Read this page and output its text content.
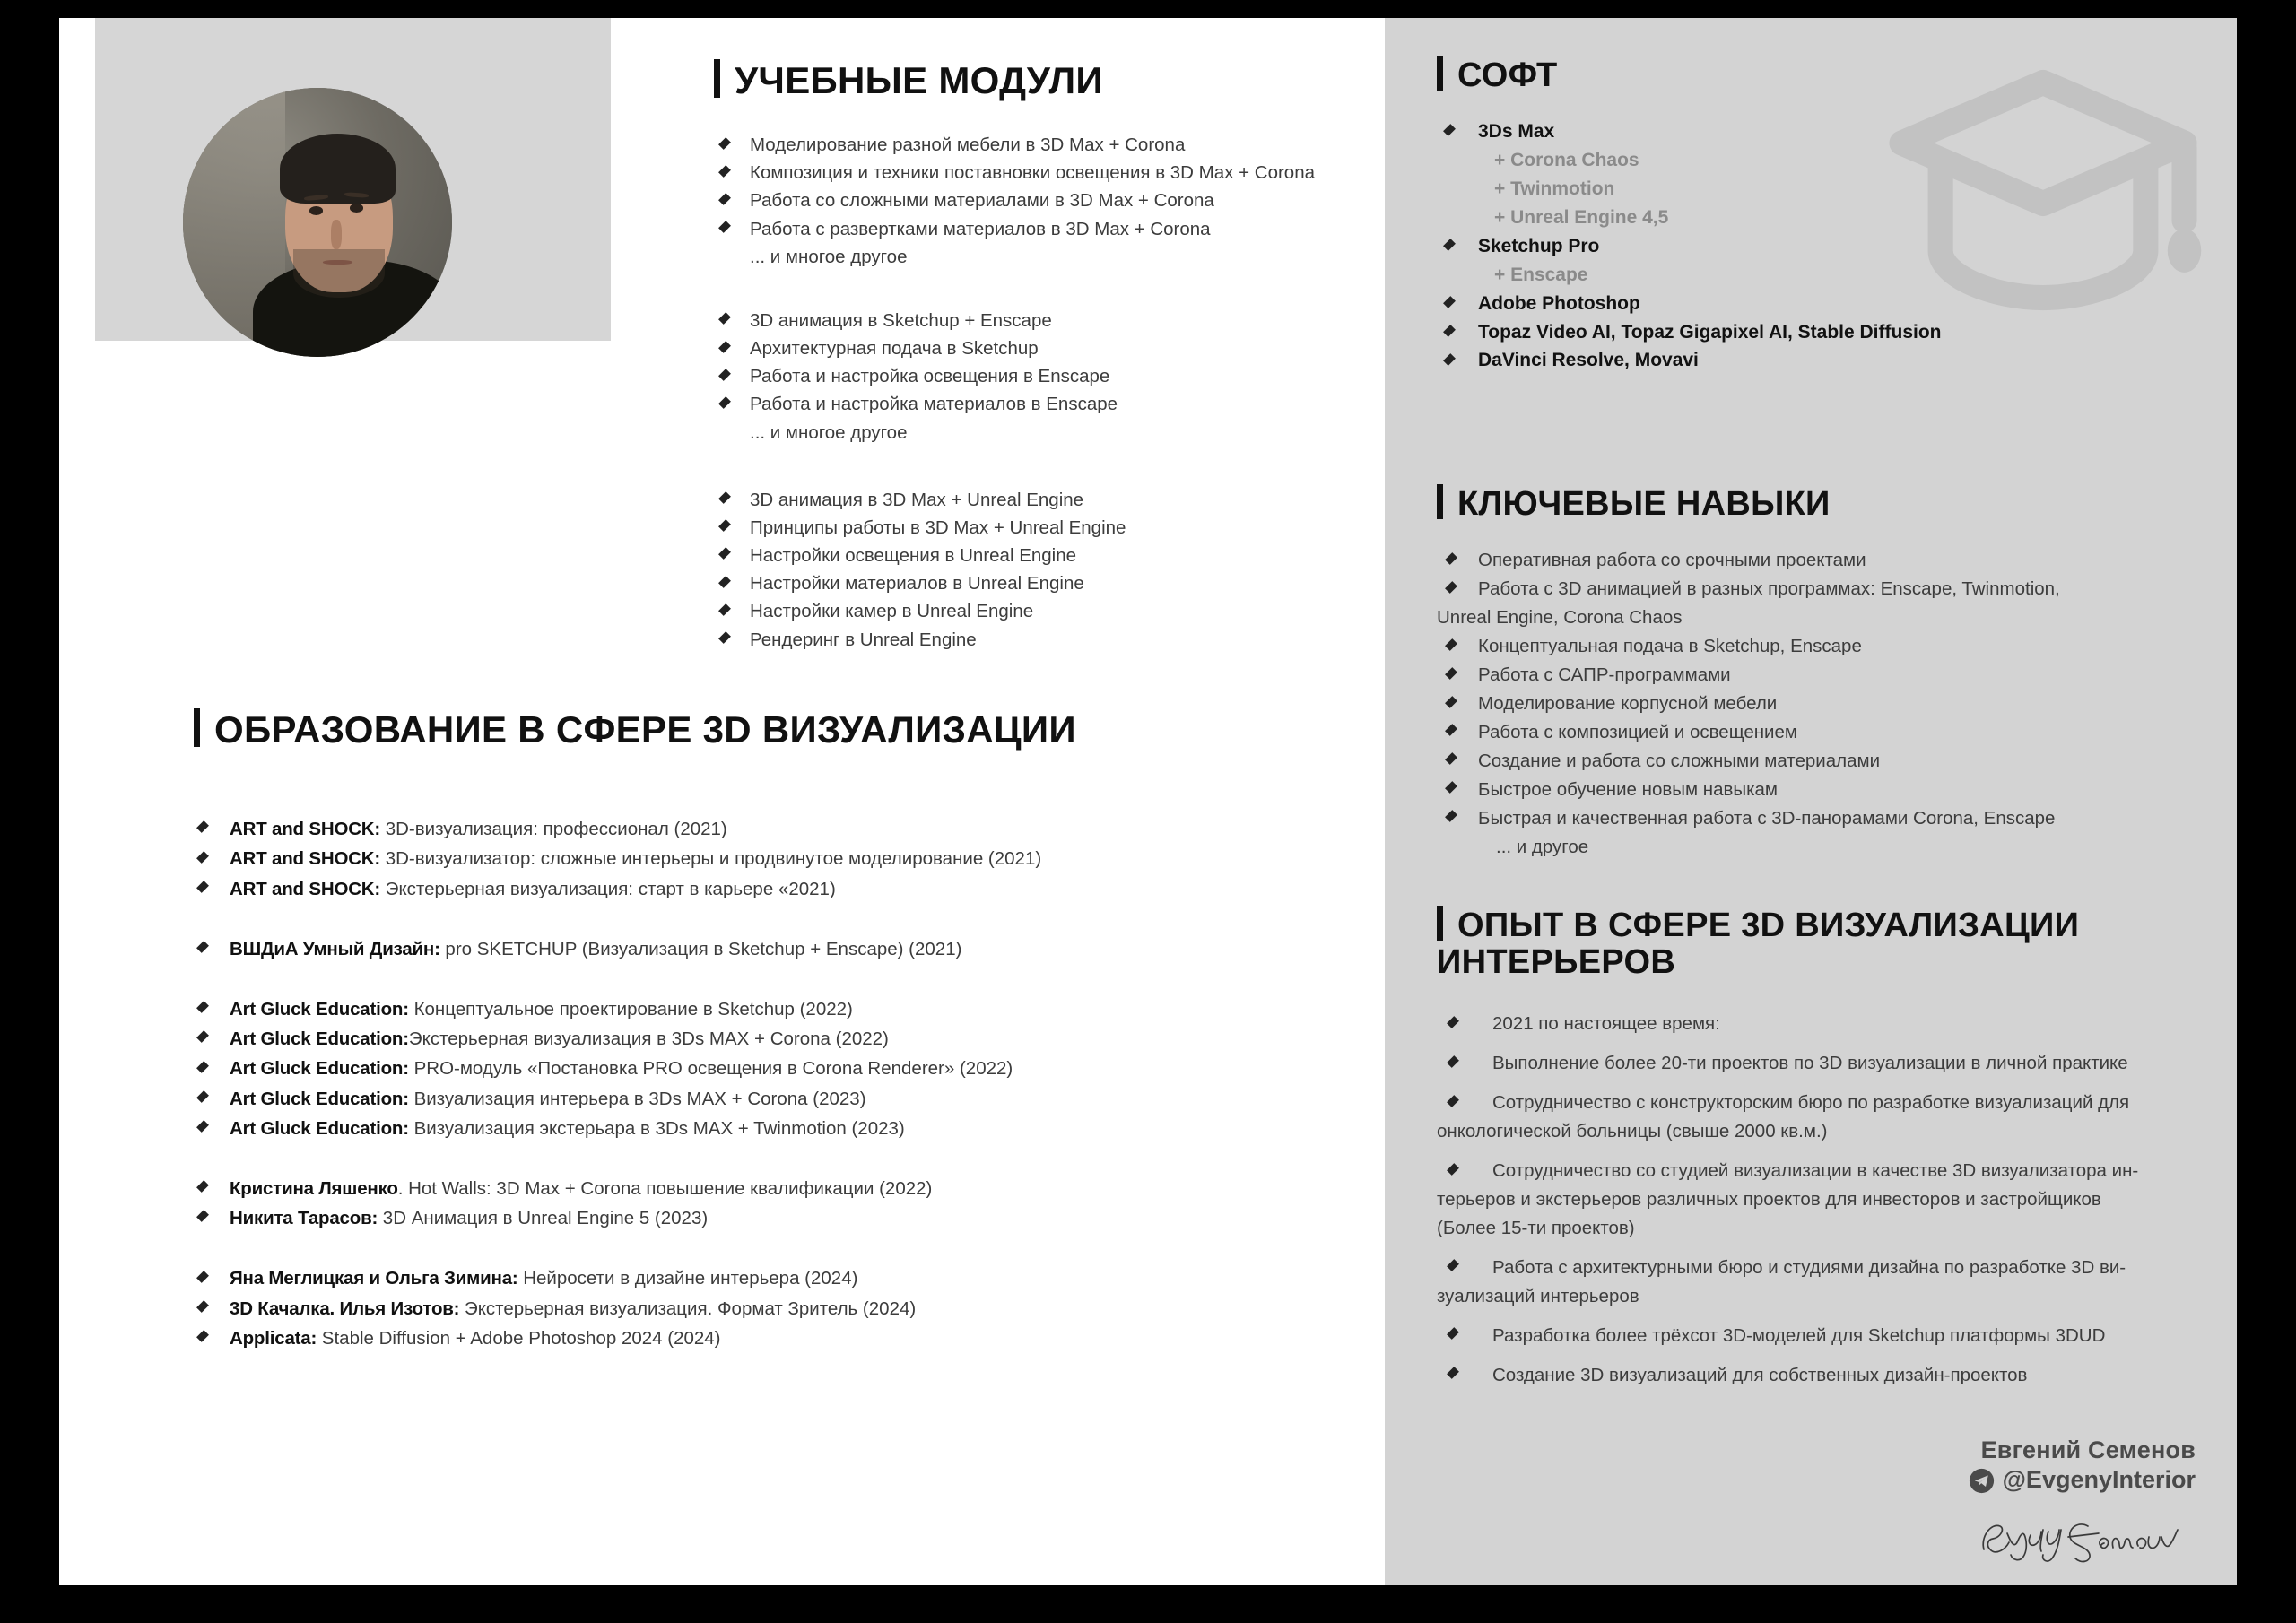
УЧЕБНЫЕ МОДУЛИ
Моделирование разной мебели в 3D Max + Corona
Композиция и техники поставновки освещения в 3D Max + Corona
Работа со сложными материалами в 3D Max + Corona
Работа с развертками материалов в 3D Max + Corona
... и многое другое
3D анимация в Sketchup + Enscape
Архитектурная подача в Sketchup
Работа и настройка освещения в Enscape
Работа и настройка материалов в Enscape
... и многое другое
3D анимация в 3D Max + Unreal Engine
Принципы работы в 3D Max + Unreal Engine
Настройки освещения в Unreal Engine
Настройки материалов в Unreal Engine
Настройки камер в Unreal Engine
Рендеринг в Unreal Engine
ОБРАЗОВАНИЕ В СФЕРЕ 3D ВИЗУАЛИЗАЦИИ
ART and SHOCK: 3D-визуализация: профессионал (2021)
ART and SHOCK: 3D-визуализатор: сложные интерьеры и продвинутое моделирование (2021)
ART and SHOCK: Экстерьерная визуализация: старт в карьере «2021)
ВШДиА Умный Дизайн: pro SKETCHUP (Визуализация в Sketchup + Enscape) (2021)
Art Gluck Education: Концептуальное проектирование в Sketchup (2022)
Art Gluck Education:Экстерьерная визуализация в 3Ds MAX + Corona (2022)
Art Gluck Education: PRO-модуль «Постановка PRO освещения в Corona Renderer» (2022)
Art Gluck Education: Визуализация интерьера в 3Ds MAX + Corona (2023)
Art Gluck Education: Визуализация экстерьара в 3Ds MAX + Twinmotion (2023)
Кристина Ляшенко. Hot Walls: 3D Max + Corona повышение квалификации (2022)
Никита Тарасов: 3D Анимация в Unreal Engine 5 (2023)
Яна Меглицкая и Ольга Зимина: Нейросети в дизайне интерьера (2024)
3D Качалка. Илья Изотов: Экстерьерная визуализация. Формат Зритель (2024)
Applicata: Stable Diffusion + Adobe Photoshop 2024 (2024)
СОФТ
3Ds Max
+ Corona Chaos
+ Twinmotion
+ Unreal Engine 4,5
Sketchup Pro
+ Enscape
Adobe Photoshop
Topaz Video AI, Topaz Gigapixel AI, Stable Diffusion
DaVinci Resolve, Movavi
КЛЮЧЕВЫЕ НАВЫКИ
Оперативная работа со срочными проектами
Работа с 3D анимацией в разных программах: Enscape, Twinmotion,
Unreal Engine, Corona Chaos
Концептуальная подача в Sketchup, Enscape
Работа с САПР-программами
Моделирование корпусной мебели
Работа с композицией и освещением
Создание и работа со сложными материалами
Быстрое обучение новым навыкам
Быстрая и качественная работа с 3D-панорамами Corona, Enscape
... и другое
ОПЫТ В СФЕРЕ 3D ВИЗУАЛИЗАЦИИ
ИНТЕРЬЕРОВ
2021 по настоящее время:
Выполнение более 20-ти проектов по 3D визуализации в личной практике
Сотрудничество с конструкторским бюро по разработке визуализаций для
онкологической больницы (свыше 2000 кв.м.)
Сотрудничество со студией визуализации в качестве 3D визуализатора ин-
терьеров и экстерьеров различных проектов для инвесторов и застройщиков
(Более 15-ти проектов)
Работа с архитектурными бюро и студиями дизайна по разработке 3D ви-
зуализаций интерьеров
Разработка более трёхсот 3D-моделей для Sketchup платформы 3DUD
Создание 3D визуализаций для собственных дизайн-проектов
Евгений Семенов
@EvgenyInterior
